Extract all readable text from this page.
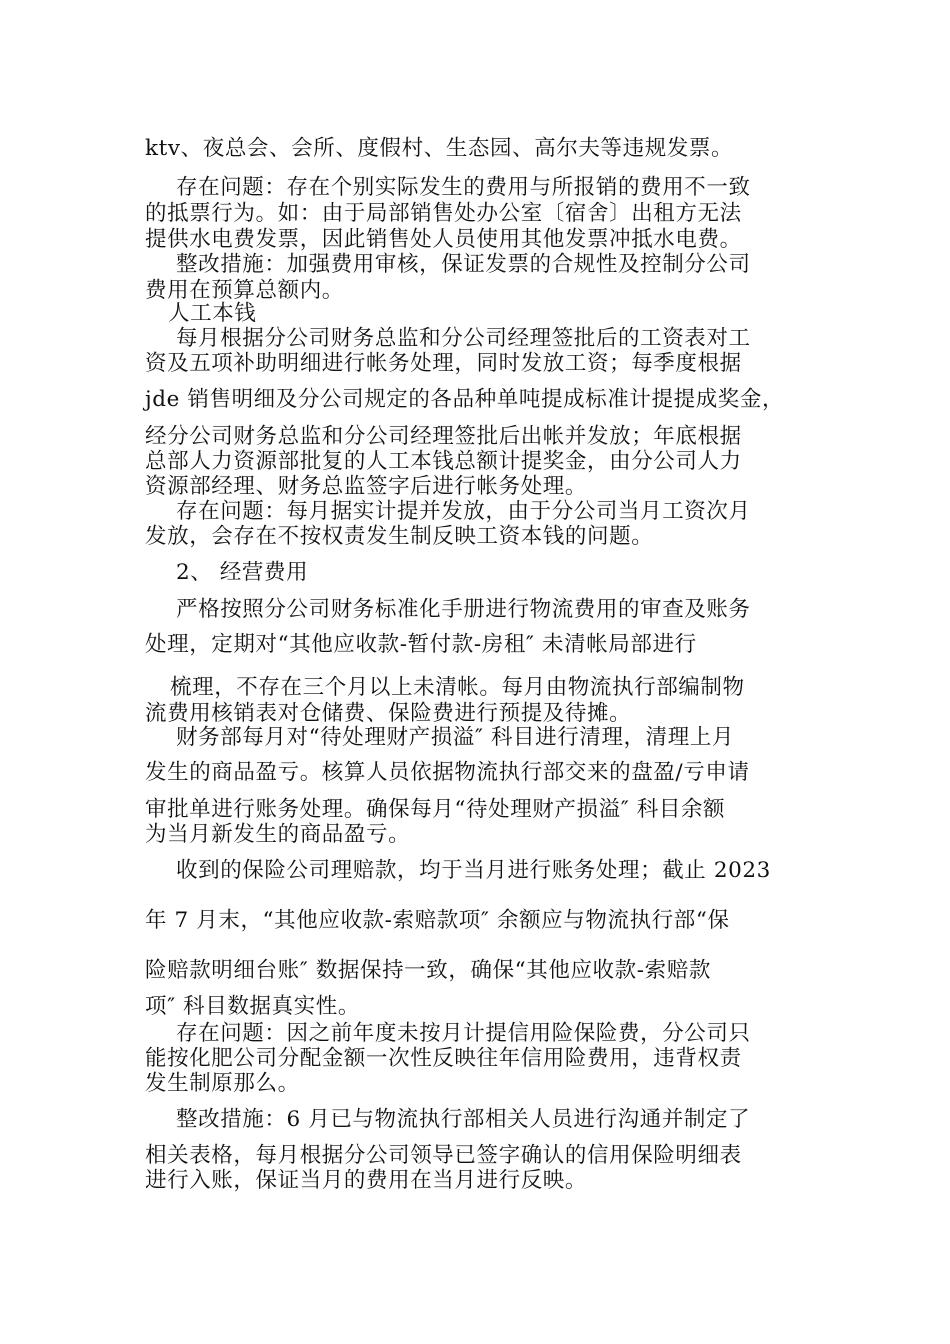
ktv、夜总会、会所、度假村、生态园、高尔夫等违规发票。
存在问题：存在个别实际发生的费用与所报销的费用不一致
的抵票行为。如：由于局部销售处办公室〔宿舍〕出租方无法
提供水电费发票，因此销售处人员使用其他发票冲抵水电费。
整改措施：加强费用审核，保证发票的合规性及控制分公司
费用在预算总额内。
人工本钱
每月根据分公司财务总监和分公司经理签批后的工资表对工
资及五项补助明细进行帐务处理，同时发放工资；每季度根据
jde 销售明细及分公司规定的各品种单吨提成标准计提提成奖金，
经分公司财务总监和分公司经理签批后出帐并发放；年底根据
总部人力资源部批复的人工本钱总额计提奖金，由分公司人力
资源部经理、财务总监签字后进行帐务处理。
存在问题：每月据实计提并发放，由于分公司当月工资次月
发放，会存在不按权责发生制反映工资本钱的问题。
2、 经营费用
严格按照分公司财务标准化手册进行物流费用的审查及账务
处理，定期对“其他应收款-暂付款-房租″ 未清帐局部进行
梳理，不存在三个月以上未清帐。每月由物流执行部编制物
流费用核销表对仓储费、保险费进行预提及待摊。
财务部每月对“待处理财产损溢″ 科目进行清理，清理上月
发生的商品盈亏。核算人员依据物流执行部交来的盘盈/亏申请
审批单进行账务处理。确保每月“待处理财产损溢″ 科目余额
为当月新发生的商品盈亏。
收到的保险公司理赔款，均于当月进行账务处理；截止 2023
年 7 月末，“其他应收款-索赔款项″ 余额应与物流执行部“保
险赔款明细台账″ 数据保持一致，确保“其他应收款-索赔款
项″ 科目数据真实性。
存在问题：因之前年度未按月计提信用险保险费，分公司只
能按化肥公司分配金额一次性反映往年信用险费用，违背权责
发生制原那么。
整改措施：6 月已与物流执行部相关人员进行沟通并制定了
相关表格，每月根据分公司领导已签字确认的信用保险明细表
进行入账，保证当月的费用在当月进行反映。
